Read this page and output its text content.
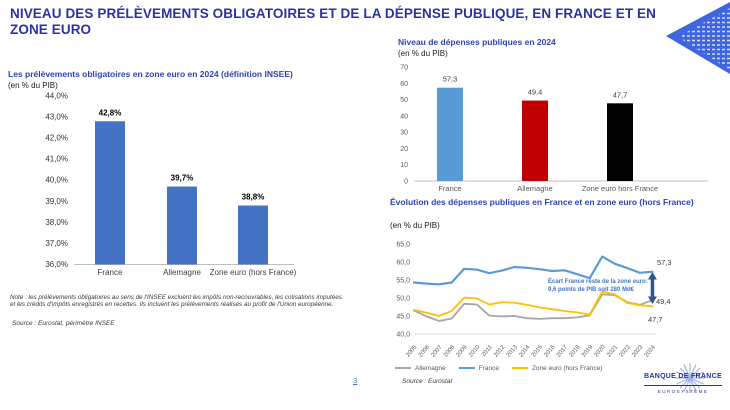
NIVEAU DES PRÉLÈVEMENTS OBLIGATOIRES ET DE LA DÉPENSE PUBLIQUE, EN FRANCE ET EN
ZONE EURO
Les prélèvements obligatoires en zone euro en 2024 (définition INSEE)
(en % du PIB)
44,0%
43,0%
42,0%
41,0%
40,0%
39,0%
38,0%
37,0%
36,0%
42,8%
39,7%
38,8%
France	Allemagne	Zone euro (hors France)
Note : les prélèvements obligatoires au sens de l'INSEE excluent les impôts non-recouvrables, les cotisations imputées et les crédits d'impôts enregistrés en recettes. Ils incluent les prélèvements réalisés au profit de l'Union européenne.
Source : Eurostat, périmètre INSEE
Niveau de dépenses publiques en 2024
(en % du PIB)
70
60
50
40
30
20
10
0
57,3
France
49,4
Allemagne
47,7
Zone euro hors France
Évolution des dépenses publiques en France et en zone euro (hors France)
(en % du PIB)
65,0
60,0
55,0
50,0
45,0
40,0
2005 2006 2007 2008 2009 2010 2011 2012 2013 2014 2015 2016 2017 2018 2019 2020 2021 2022 2023 2024
57,3
49,4
47,7
Écart France reste de la zone euro:
9,6 points de PIB soit 280 Md€
Allemagne	France	Zone euro (hors France)
Source : Eurostat
3	BANQUE DE FRANCE
EUROSYSTÈME
